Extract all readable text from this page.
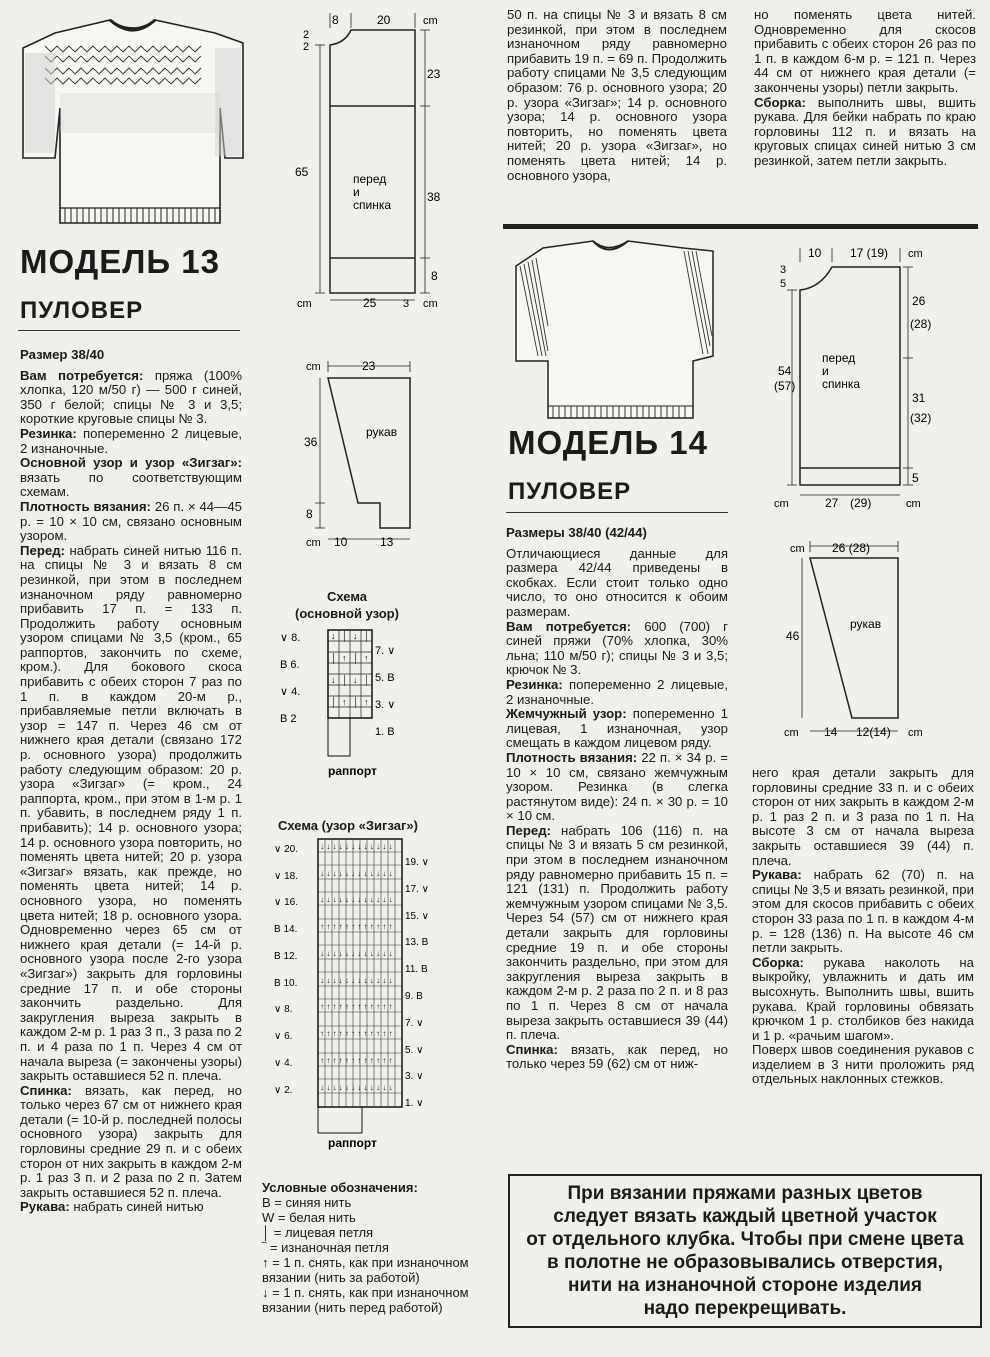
МОДЕЛЬ 13
ПУЛОВЕР

Размер 38/40

Вам потребуется: пряжа (100% хлопка, 120 м/50 г) — 500 г синей, 350 г белой; спицы № 3 и 3,5; короткие круговые спицы № 3.

Резинка: попеременно 2 лицевые, 2 изнаночные.

Основной узор и узор «Зигзаг»: вязать по соответствующим схемам.

Плотность вязания: 26 п. × 44—45 р. = 10 × 10 см, связано основным узором.

Перед: набрать синей нитью 116 п. на спицы № 3 и вязать 8 см резинкой, при этом в последнем изнаночном ряду равномерно прибавить 17 п. = 133 п. Продолжить работу основным узором спицами № 3,5 (кром., 65 раппортов, закончить по схеме, кром.). Для бокового скоса прибавить с обеих сторон 7 раз по 1 п. в каждом 20-м р., прибавляемые петли включать в узор = 147 п. Через 46 см от нижнего края детали (связано 172 р. основного узора) продолжить работу следующим образом: 20 р. узора «Зигзаг» (= кром., 24 раппорта, кром., при этом в 1-м р. 1 п. убавить, в последнем ряду 1 п. прибавить); 14 р. основного узора; 14 р. основного узора повторить, но поменять цвета нитей; 20 р. узора «Зигзаг» вязать, как прежде, но поменять цвета нитей; 14 р. основного узора, но поменять цвета нитей; 18 р. основного узора. Одновременно через 65 см от нижнего края детали (= 14-й р. основного узора после 2-го узора «Зигзаг») закрыть для горловины средние 17 п. и обе стороны закончить раздельно. Для закругления выреза закрыть в каждом 2-м р. 1 раз 3 п., 3 раза по 2 п. и 4 раза по 1 п. Через 4 см от начала выреза (= закончены узоры) закрыть оставшиеся 52 п. плеча.

Спинка: вязать, как перед, но только через 67 см от нижнего края детали (= 10-й р. последней полосы основного узора) закрыть для горловины средние 29 п. и с обеих сторон от них закрыть в каждом 2-м р. 1 раз 3 п. и 2 раза по 2 п. Затем закрыть оставшиеся 52 п. плеча.

Рукава: набрать синей нитью

8	20	cm
2
2
23
38
8
65	перед
и
спинка
cm	25 3 cm
cm	23
36
8
рукав
cm 10	13
Схема
(основной узор)
↓ │ ↓ │
│ ↑ │ ↑
↓ │ ↓ │
│ ↑ │ ↑
∨ 8.
B 6.
∨ 4.
B 2
7. ∨
5. B
3. ∨
1. B
раппорт
Схема (узор «Зигзаг»)
↓ ↓ ↓ ↓ ↓ ↓ ↓ ↓ ↓ ↓ ↓ ↓
↓ ↓ ↓ ↓ ↓ ↓ ↓ ↓ ↓ ↓ ↓ ↓
↓ ↓ ↓ ↓ ↓ ↓ ↓ ↓ ↓ ↓ ↓ ↓
↑ ↑ ↑ ↑ ↑ ↑ ↑ ↑ ↑ ↑ ↑ ↑
↓ ↓ ↓ ↓ ↓ ↓ ↓ ↓ ↓ ↓ ↓ ↓
↓ ↓ ↓ ↓ ↓ ↓ ↓ ↓ ↓ ↓ ↓ ↓
↑ ↑ ↑ ↑ ↑ ↑ ↑ ↑ ↑ ↑ ↑ ↑
↑ ↑ ↑ ↑ ↑ ↑ ↑ ↑ ↑ ↑ ↑ ↑
↑ ↑ ↑ ↑ ↑ ↑ ↑ ↑ ↑ ↑ ↑ ↑
↓ ↓ ↓ ↓ ↓ ↓ ↓ ↓ ↓ ↓ ↓ ↓
∨ 20.
∨ 18.
∨ 16.
B 14.
B 12.
B 10.
∨ 8.
∨ 6.
∨ 4.
∨ 2.
19. ∨
17. ∨
15. ∨
13. B
11. B
9. B
7. ∨
5. ∨
3. ∨
1. ∨
раппорт

Условные обозначения:

B = синяя нить

W = белая нить

│ = лицевая петля

‾ = изнаночная петля

↑ = 1 п. снять, как при изнаночном вязании (нить за работой)

↓ = 1 п. снять, как при изнаночном вязании (нить перед работой)

50 п. на спицы № 3 и вязать 8 см резинкой, при этом в последнем изнаночном ряду равномерно прибавить 19 п. = 69 п. Продолжить работу спицами № 3,5 следующим образом: 76 р. основного узора; 20 р. узора «Зигзаг»; 14 р. основного узора; 14 р. основного узора повторить, но поменять цвета нитей; 20 р. узора «Зигзаг», но поменять цвета нитей; 14 р. основного узора,

но поменять цвета нитей. Одновременно для скосов прибавить с обеих сторон 26 раз по 1 п. в каждом 6-м р. = 121 п. Через 44 см от нижнего края детали (= закончены узоры) петли закрыть.

Сборка: выполнить швы, вшить рукава. Для бейки набрать по краю горловины 112 п. и вязать на круговых спицах синей нитью 3 см резинкой, затем петли закрыть.

МОДЕЛЬ 14
ПУЛОВЕР
10 17 (19) cm
3
5
26
(28)
31
(32)
5
54
(57)
перед
и
спинка
cm	27 (29)	cm
cm 26 (28)
46
рукав
cm 14 12(14) cm

Размеры 38/40 (42/44)

Отличающиеся данные для размера 42/44 приведены в скобках. Если стоит только одно число, то оно относится к обоим размерам.

Вам потребуется: 600 (700) г синей пряжи (70% хлопка, 30% льна; 110 м/50 г); спицы № 3 и 3,5; крючок № 3.

Резинка: попеременно 2 лицевые, 2 изнаночные.

Жемчужный узор: попеременно 1 лицевая, 1 изнаночная, узор смещать в каждом лицевом ряду.

Плотность вязания: 22 п. × 34 р. = 10 × 10 см, связано жемчужным узором. Резинка (в слегка растянутом виде): 24 п. × 30 р. = 10 × 10 см.

Перед: набрать 106 (116) п. на спицы № 3 и вязать 5 см резинкой, при этом в последнем изнаночном ряду равномерно прибавить 15 п. = 121 (131) п. Продолжить работу жемчужным узором спицами № 3,5. Через 54 (57) см от нижнего края детали закрыть для горловины средние 19 п. и обе стороны закончить раздельно, при этом для закругления выреза закрыть в каждом 2-м р. 2 раза по 2 п. и 8 раз по 1 п. Через 8 см от начала выреза закрыть оставшиеся 39 (44) п. плеча.

Спинка: вязать, как перед, но только через 59 (62) см от ниж-

него края детали закрыть для горловины средние 33 п. и с обеих сторон от них закрыть в каждом 2-м р. 1 раз 2 п. и 3 раза по 1 п. На высоте 3 см от начала выреза закрыть оставшиеся 39 (44) п. плеча.

Рукава: набрать 62 (70) п. на спицы № 3,5 и вязать резинкой, при этом для скосов прибавить с обеих сторон 33 раза по 1 п. в каждом 4-м р. = 128 (136) п. На высоте 46 см петли закрыть.

Сборка: рукава наколоть на выкройку, увлажнить и дать им высохнуть. Выполнить швы, вшить рукава. Край горловины обвязать крючком 1 р. столбиков без накида и 1 р. «рачьим шагом».

Поверх швов соединения рукавов с изделием в 3 нити проложить ряд отдельных наклонных стежков.

При вязании пряжами разных цветов
следует вязать каждый цветной участок
от отдельного клубка. Чтобы при смене цвета
в полотне не образовывались отверстия,
нити на изнаночной стороне изделия
надо перекрещивать.
